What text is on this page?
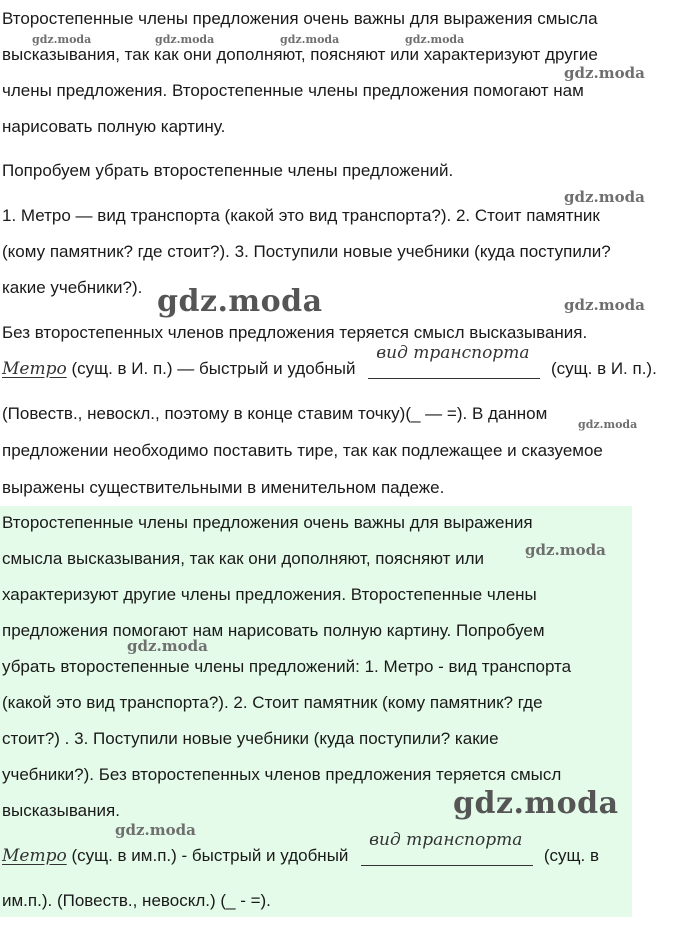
Второстепенные члены предложения очень важны для выражения смысла
высказывания, так как они дополняют, поясняют или характеризуют другие
члены предложения. Второстепенные члены предложения помогают нам
нарисовать полную картину.
Попробуем убрать второстепенные члены предложений.
1. Метро — вид транспорта (какой это вид транспорта?). 2. Стоит памятник
(кому памятник? где стоит?). 3. Поступили новые учебники (куда поступили?
какие учебники?).
Без второстепенных членов предложения теряется смысл высказывания.
Метро (сущ. в И. п.) — быстрый и удобный
вид транспорта
(сущ. в И. п.).
(Повеств., невоскл., поэтому в конце ставим точку)(_ — =). В данном
предложении необходимо поставить тире, так как подлежащее и сказуемое
выражены существительными в именительном падеже.
Второстепенные члены предложения очень важны для выражения
смысла высказывания, так как они дополняют, поясняют или
характеризуют другие члены предложения. Второстепенные члены
предложения помогают нам нарисовать полную картину. Попробуем
убрать второстепенные члены предложений: 1. Метро - вид транспорта
(какой это вид транспорта?). 2. Стоит памятник (кому памятник? где
стоит?) . 3. Поступили новые учебники (куда поступили? какие
учебники?). Без второстепенных членов предложения теряется смысл
высказывания.
Метро (сущ. в им.п.) - быстрый и удобный
вид транспорта
(сущ. в
им.п.). (Повеств., невоскл.) (_ - =).
gdz.moda	gdz.moda	gdz.moda	gdz.moda
gdz.moda
gdz.moda
gdz.moda	gdz.moda
gdz.moda
gdz.moda
gdz.moda
gdz.moda
gdz.moda
